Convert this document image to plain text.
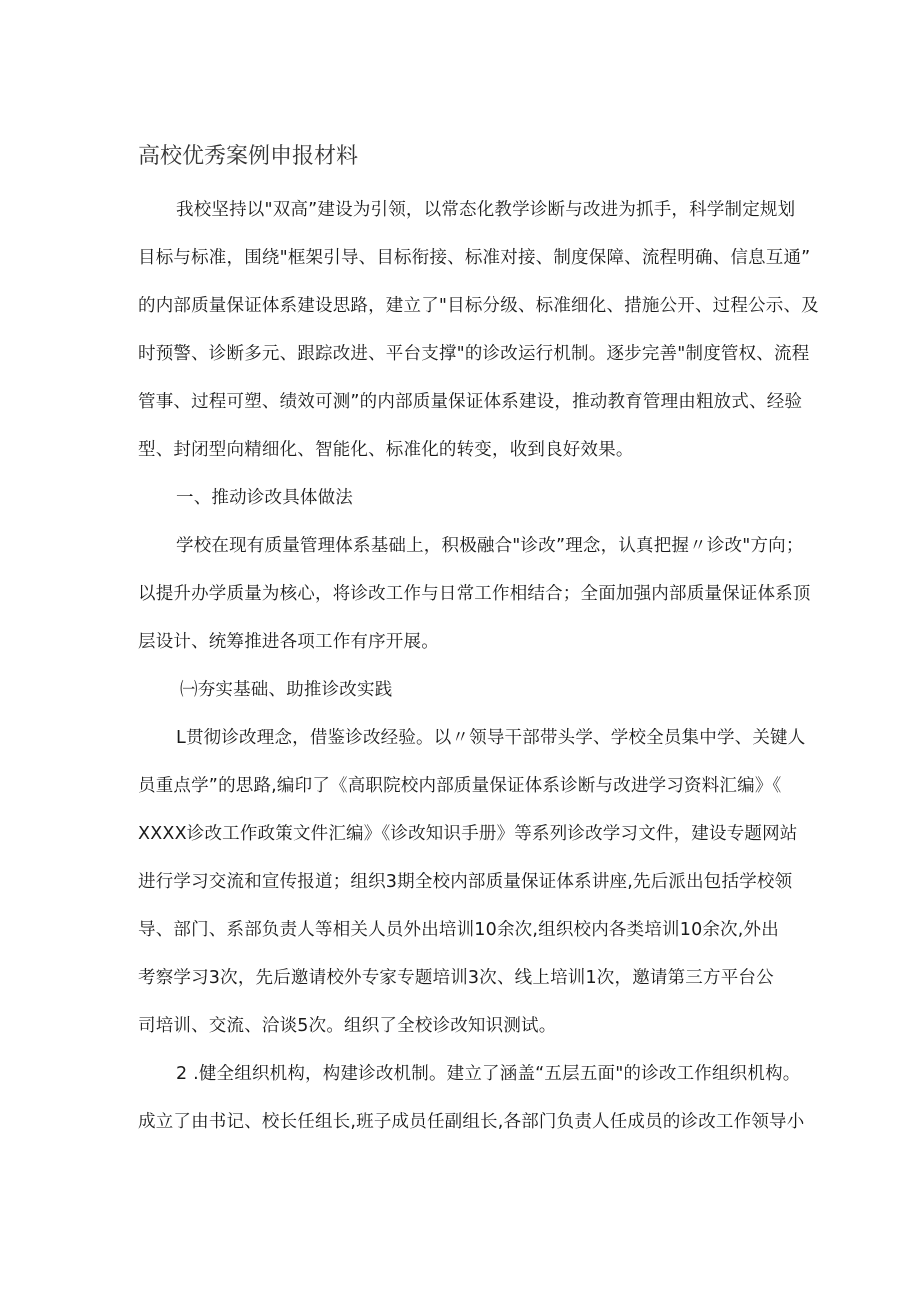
高校优秀案例申报材料
我校坚持以"双高”建设为引领，以常态化教学诊断与改进为抓手，科学制定规划
目标与标准，围绕"框架引导、目标衔接、标准对接、制度保障、流程明确、信息互通”
的内部质量保证体系建设思路，建立了"目标分级、标准细化、措施公开、过程公示、及
时预警、诊断多元、跟踪改进、平台支撑"的诊改运行机制。逐步完善"制度管权、流程
管事、过程可塑、绩效可测”的内部质量保证体系建设，推动教育管理由粗放式、经验
型、封闭型向精细化、智能化、标准化的转变，收到良好效果。
一、推动诊改具体做法
学校在现有质量管理体系基础上，积极融合"诊改”理念，认真把握〃诊改"方向；
以提升办学质量为核心，将诊改工作与日常工作相结合；全面加强内部质量保证体系顶
层设计、统筹推进各项工作有序开展。
㈠夯实基础、助推诊改实践
L贯彻诊改理念，借鉴诊改经验。以〃领导干部带头学、学校全员集中学、关键人
员重点学”的思路,编印了《高职院校内部质量保证体系诊断与改进学习资料汇编》《
XXXX诊改工作政策文件汇编》《诊改知识手册》等系列诊改学习文件，建设专题网站
进行学习交流和宣传报道；组织3期全校内部质量保证体系讲座,先后派出包括学校领
导、部门、系部负责人等相关人员外出培训10余次,组织校内各类培训10余次,外出
考察学习3次，先后邀请校外专家专题培训3次、线上培训1次，邀请第三方平台公
司培训、交流、洽谈5次。组织了全校诊改知识测试。
2 .健全组织机构，构建诊改机制。建立了涵盖“五层五面"的诊改工作组织机构。
成立了由书记、校长任组长,班子成员任副组长,各部门负责人任成员的诊改工作领导小
